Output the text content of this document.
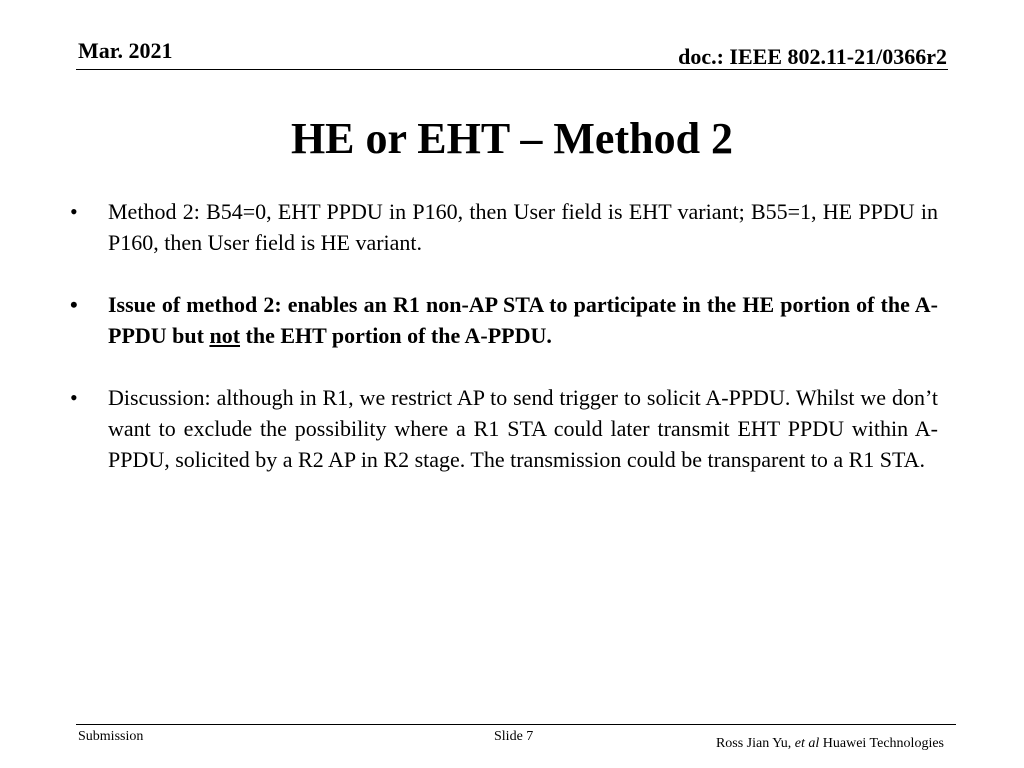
Mar. 2021	doc.: IEEE 802.11-21/0366r2
HE or EHT – Method 2
• Method 2: B54=0, EHT PPDU in P160, then User field is EHT variant; B55=1, HE PPDU in P160, then User field is HE variant.
• Issue of method 2: enables an R1 non-AP STA to participate in the HE portion of the A-PPDU but not the EHT portion of the A-PPDU.
• Discussion: although in R1, we restrict AP to send trigger to solicit A-PPDU. Whilst we don’t want to exclude the possibility where a R1 STA could later transmit EHT PPDU within A-PPDU, solicited by a R2 AP in R2 stage. The transmission could be transparent to a R1 STA.
Submission	Slide 7	Ross Jian Yu, et al Huawei Technologies
